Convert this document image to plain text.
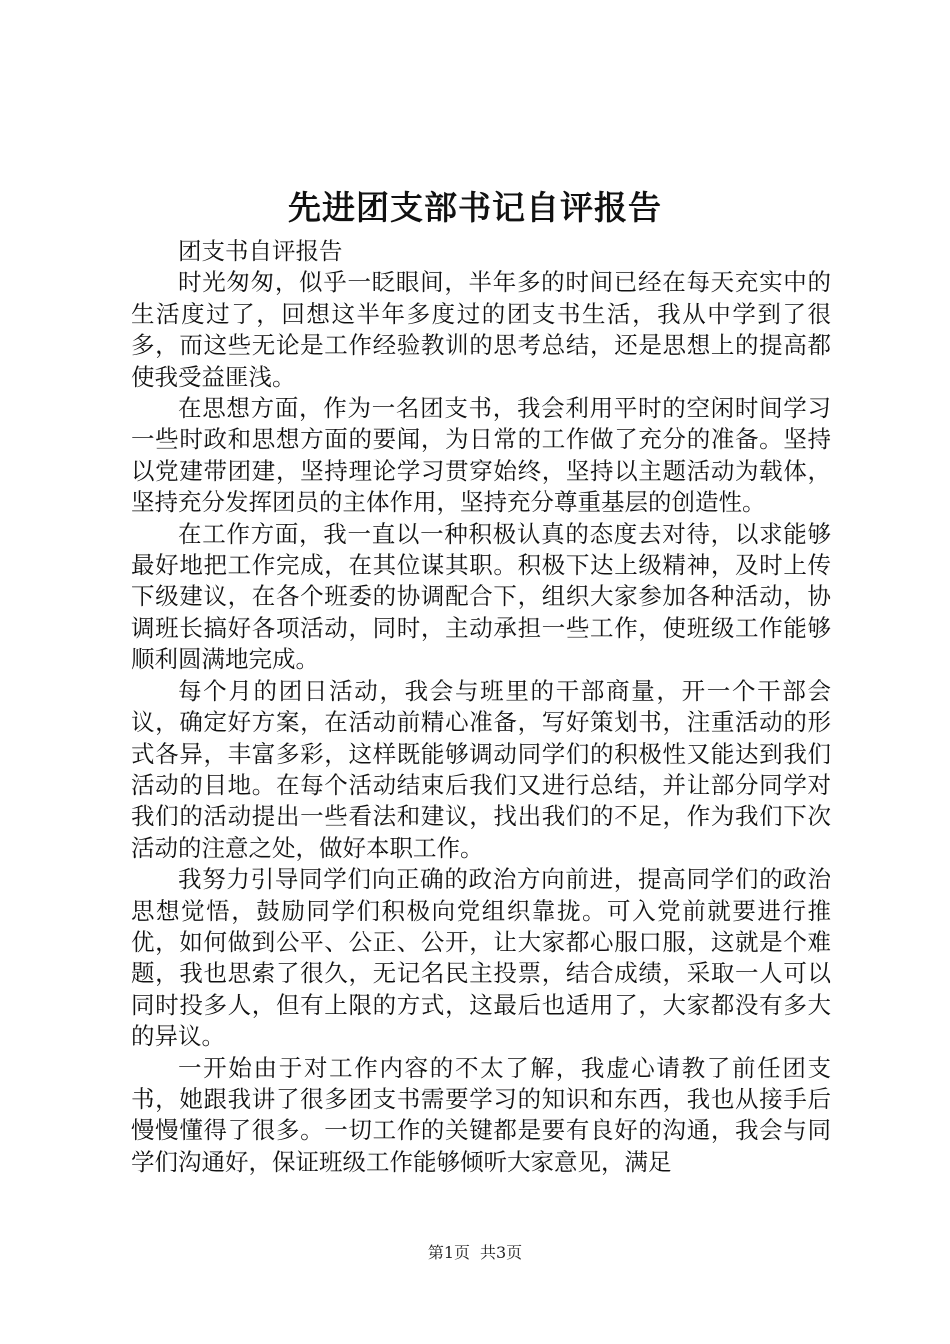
先进团支部书记自评报告

团支书自评报告

时光匆匆，似乎一眨眼间，半年多的时间已经在每天充实中的生活度过了，回想这半年多度过的团支书生活，我从中学到了很多，而这些无论是工作经验教训的思考总结，还是思想上的提高都使我受益匪浅。

在思想方面，作为一名团支书，我会利用平时的空闲时间学习一些时政和思想方面的要闻，为日常的工作做了充分的准备。坚持以党建带团建，坚持理论学习贯穿始终，坚持以主题活动为载体，坚持充分发挥团员的主体作用，坚持充分尊重基层的创造性。

在工作方面，我一直以一种积极认真的态度去对待，以求能够最好地把工作完成，在其位谋其职。积极下达上级精神，及时上传下级建议，在各个班委的协调配合下，组织大家参加各种活动，协调班长搞好各项活动，同时，主动承担一些工作，使班级工作能够顺利圆满地完成。

每个月的团日活动，我会与班里的干部商量，开一个干部会议，确定好方案，在活动前精心准备，写好策划书，注重活动的形式各异，丰富多彩，这样既能够调动同学们的积极性又能达到我们活动的目地。在每个活动结束后我们又进行总结，并让部分同学对我们的活动提出一些看法和建议，找出我们的不足，作为我们下次活动的注意之处，做好本职工作。

我努力引导同学们向正确的政治方向前进，提高同学们的政治思想觉悟，鼓励同学们积极向党组织靠拢。可入党前就要进行推优，如何做到公平、公正、公开，让大家都心服口服，这就是个难题，我也思索了很久，无记名民主投票，结合成绩，采取一人可以同时投多人，但有上限的方式，这最后也适用了，大家都没有多大的异议。

一开始由于对工作内容的不太了解，我虚心请教了前任团支书，她跟我讲了很多团支书需要学习的知识和东西，我也从接手后慢慢懂得了很多。一切工作的关键都是要有良好的沟通，我会与同学们沟通好，保证班级工作能够倾听大家意见，满足

第1页 共3页
